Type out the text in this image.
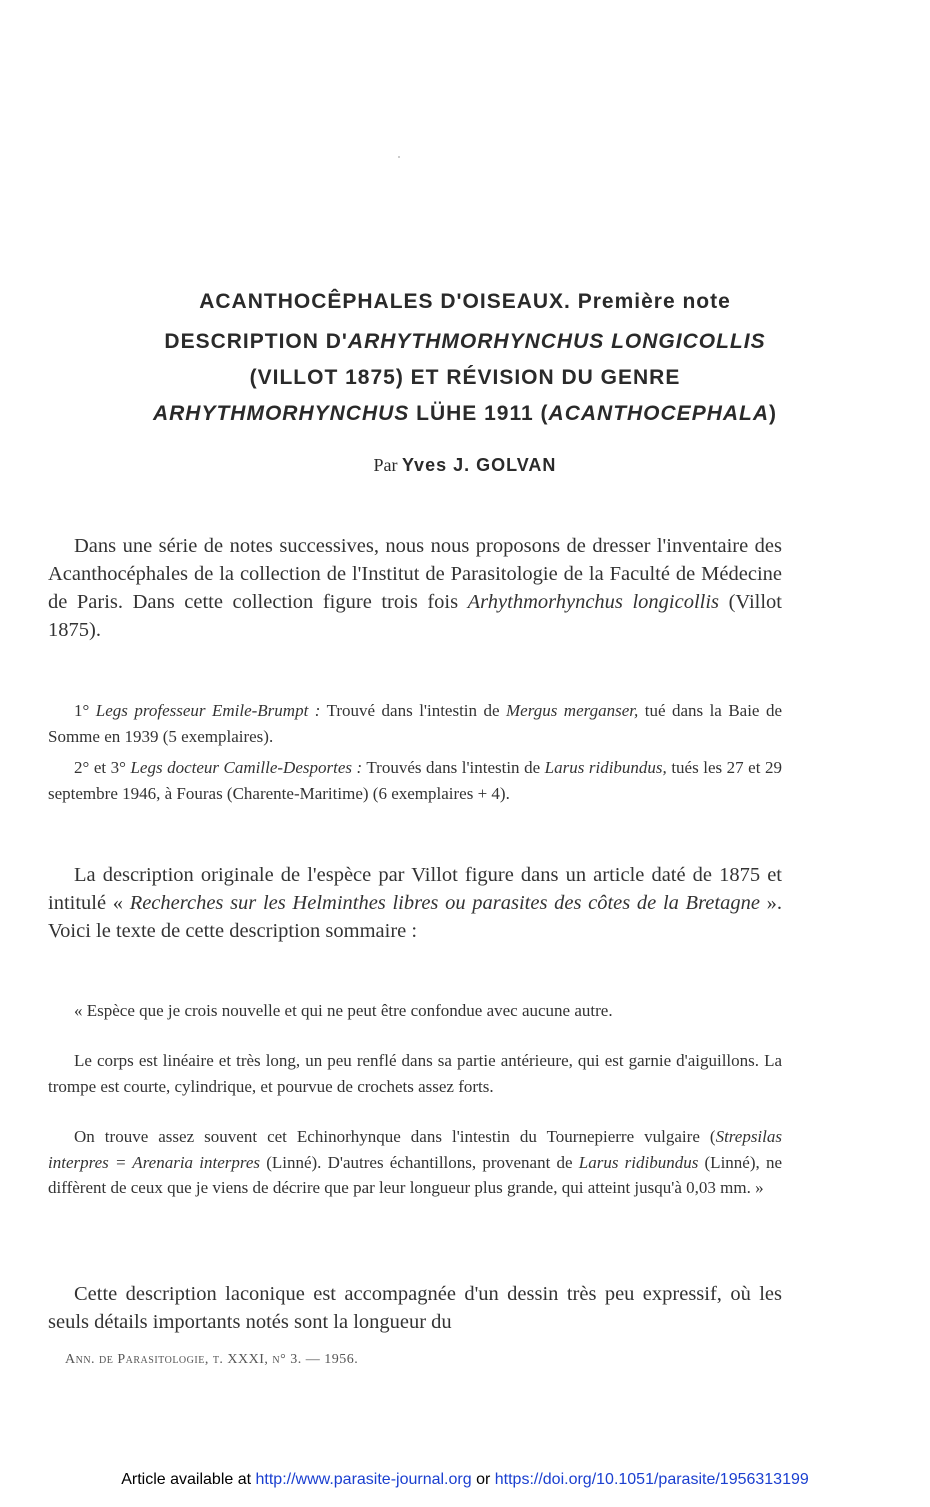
ACANTHOCÊPHALES D'OISEAUX. Première note
DESCRIPTION D'ARHYTHMORHYNCHUS LONGICOLLIS
(VILLOT 1875) ET RÉVISION DU GENRE
ARHYTHMORHYNCHUS LÜHE 1911 (ACANTHOCEPHALA)
Par Yves J. GOLVAN
Dans une série de notes successives, nous nous proposons de dresser l'inventaire des Acanthocéphales de la collection de l'Institut de Parasitologie de la Faculté de Médecine de Paris. Dans cette collection figure trois fois Arhythmorhynchus longicollis (Villot 1875).
1° Legs professeur Emile-Brumpt : Trouvé dans l'intestin de Mergus merganser, tué dans la Baie de Somme en 1939 (5 exemplaires).
2° et 3° Legs docteur Camille-Desportes : Trouvés dans l'intestin de Larus ridibundus, tués les 27 et 29 septembre 1946, à Fouras (Charente-Maritime) (6 exemplaires + 4).
La description originale de l'espèce par Villot figure dans un article daté de 1875 et intitulé « Recherches sur les Helminthes libres ou parasites des côtes de la Bretagne ». Voici le texte de cette description sommaire :
« Espèce que je crois nouvelle et qui ne peut être confondue avec aucune autre.
Le corps est linéaire et très long, un peu renflé dans sa partie antérieure, qui est garnie d'aiguillons. La trompe est courte, cylindrique, et pourvue de crochets assez forts.
On trouve assez souvent cet Echinorhynque dans l'intestin du Tournepierre vulgaire (Strepsilas interpres = Arenaria interpres (Linné). D'autres échantillons, provenant de Larus ridibundus (Linné), ne diffèrent de ceux que je viens de décrire que par leur longueur plus grande, qui atteint jusqu'à 0,03 mm. »
Cette description laconique est accompagnée d'un dessin très peu expressif, où les seuls détails importants notés sont la longueur du
Ann. de Parasitologie, t. XXXI, n° 3. — 1956.
Article available at http://www.parasite-journal.org or https://doi.org/10.1051/parasite/1956313199
